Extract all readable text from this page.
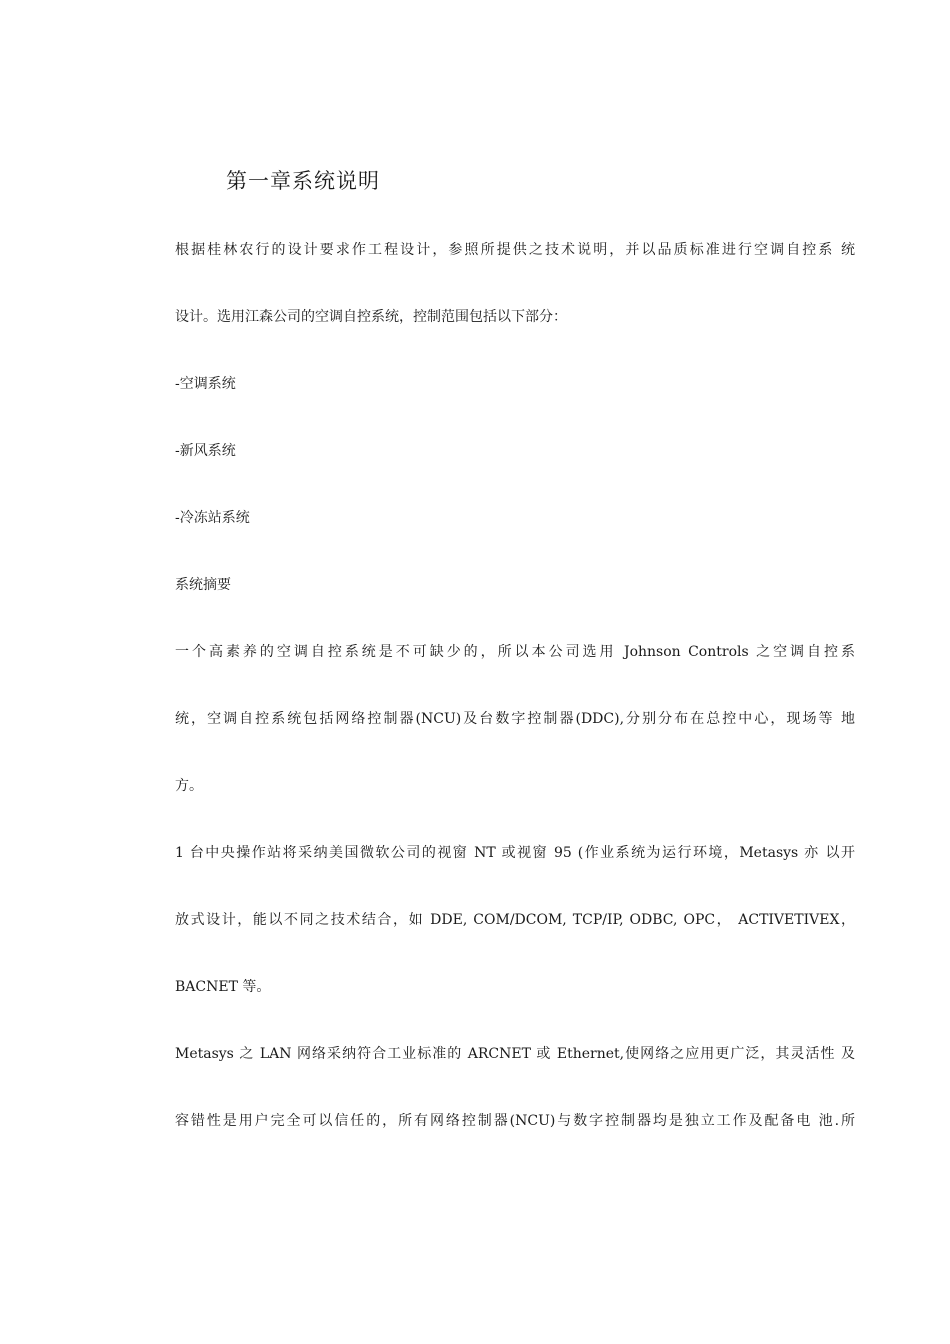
第一章系统说明
根据桂林农行的设计要求作工程设计，参照所提供之技术说明，并以品质标准进行空调自控系 统
设计。选用江森公司的空调自控系统，控制范围包括以下部分：
-空调系统
-新风系统
-冷冻站系统
系统摘要
一个高素养的空调自控系统是不可缺少的，所以本公司选用 Johnson Controls 之空调自控系
统，空调自控系统包括网络控制器(NCU)及台数字控制器(DDC),分别分布在总控中心，现场等 地
方。
1 台中央操作站将采纳美国微软公司的视窗 NT 或视窗 95 (作业系统为运行环境，Metasys 亦 以开
放式设计，能以不同之技术结合，如 DDE, COM/DCOM, TCP/IP, ODBC, OPC， ACTIVETIVEX，
BACNET 等。
Metasys 之 LAN 网络采纳符合工业标准的 ARCNET 或 Ethernet,使网络之应用更广泛，其灵活性 及
容错性是用户完全可以信任的，所有网络控制器(NCU)与数字控制器均是独立工作及配备电 池.所
